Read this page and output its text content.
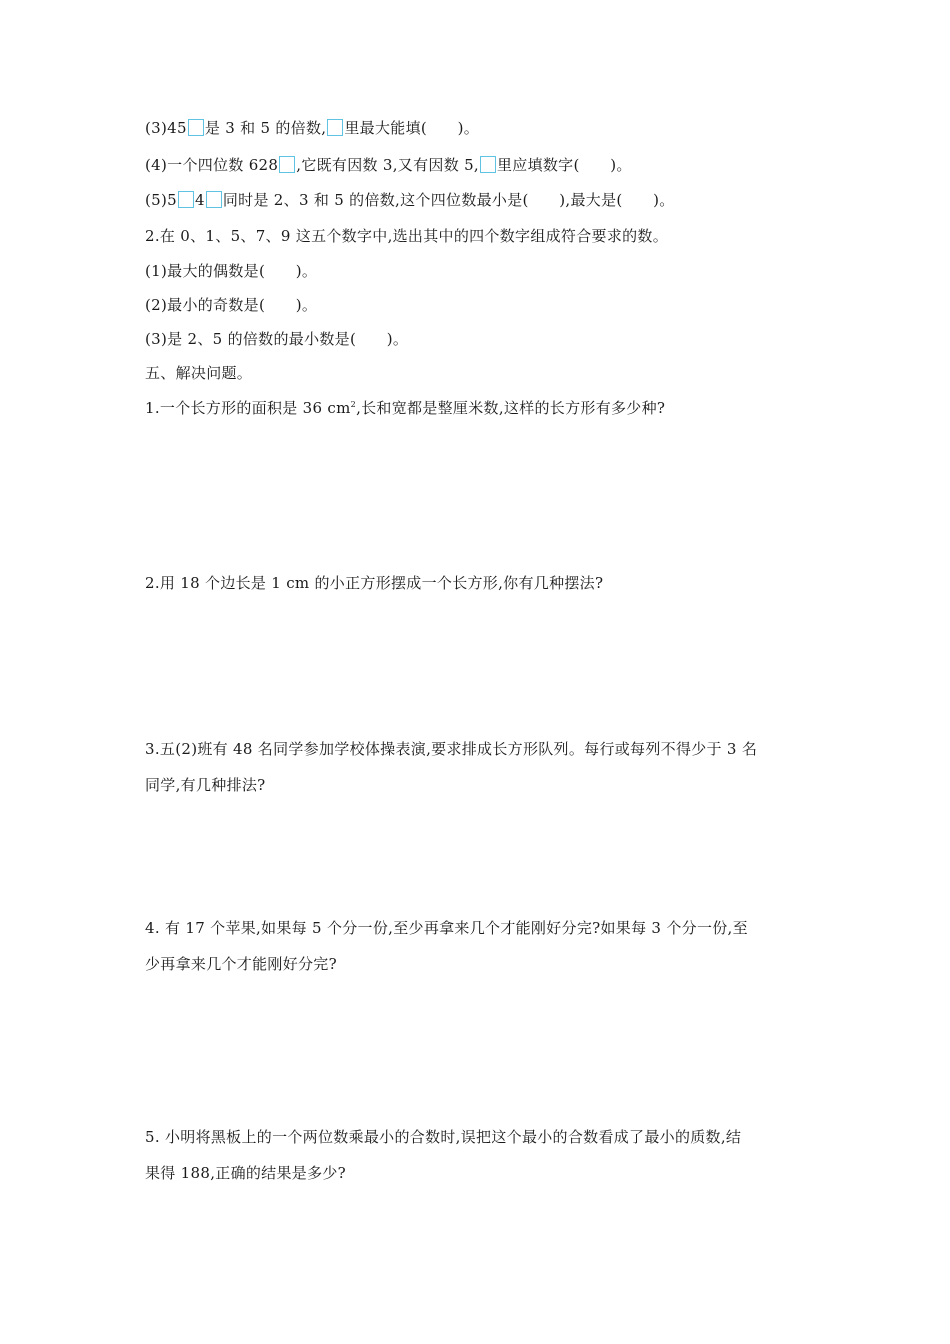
(3)45 是 3 和 5 的倍数, 里最大能填(　　)。
(4)一个四位数 628 ,它既有因数 3,又有因数 5, 里应填数字(　　)。
(5)5 4 同时是 2、3 和 5 的倍数,这个四位数最小是(　　),最大是(　　)。
2.在 0、1、5、7、9 这五个数字中,选出其中的四个数字组成符合要求的数。
(1)最大的偶数是(　　)。
(2)最小的奇数是(　　)。
(3)是 2、5 的倍数的最小数是(　　)。
五、解决问题。
1.一个长方形的面积是 36 $cm^2$,长和宽都是整厘米数,这样的长方形有多少种?
2.用 18 个边长是 1 cm 的小正方形摆成一个长方形,你有几种摆法?
3.五(2)班有 48 名同学参加学校体操表演,要求排成长方形队列。每行或每列不得少于 3 名
同学,有几种排法?
4. 有 17 个苹果,如果每 5 个分一份,至少再拿来几个才能刚好分完?如果每 3 个分一份,至
少再拿来几个才能刚好分完?
5. 小明将黑板上的一个两位数乘最小的合数时,误把这个最小的合数看成了最小的质数,结
果得 188,正确的结果是多少?
